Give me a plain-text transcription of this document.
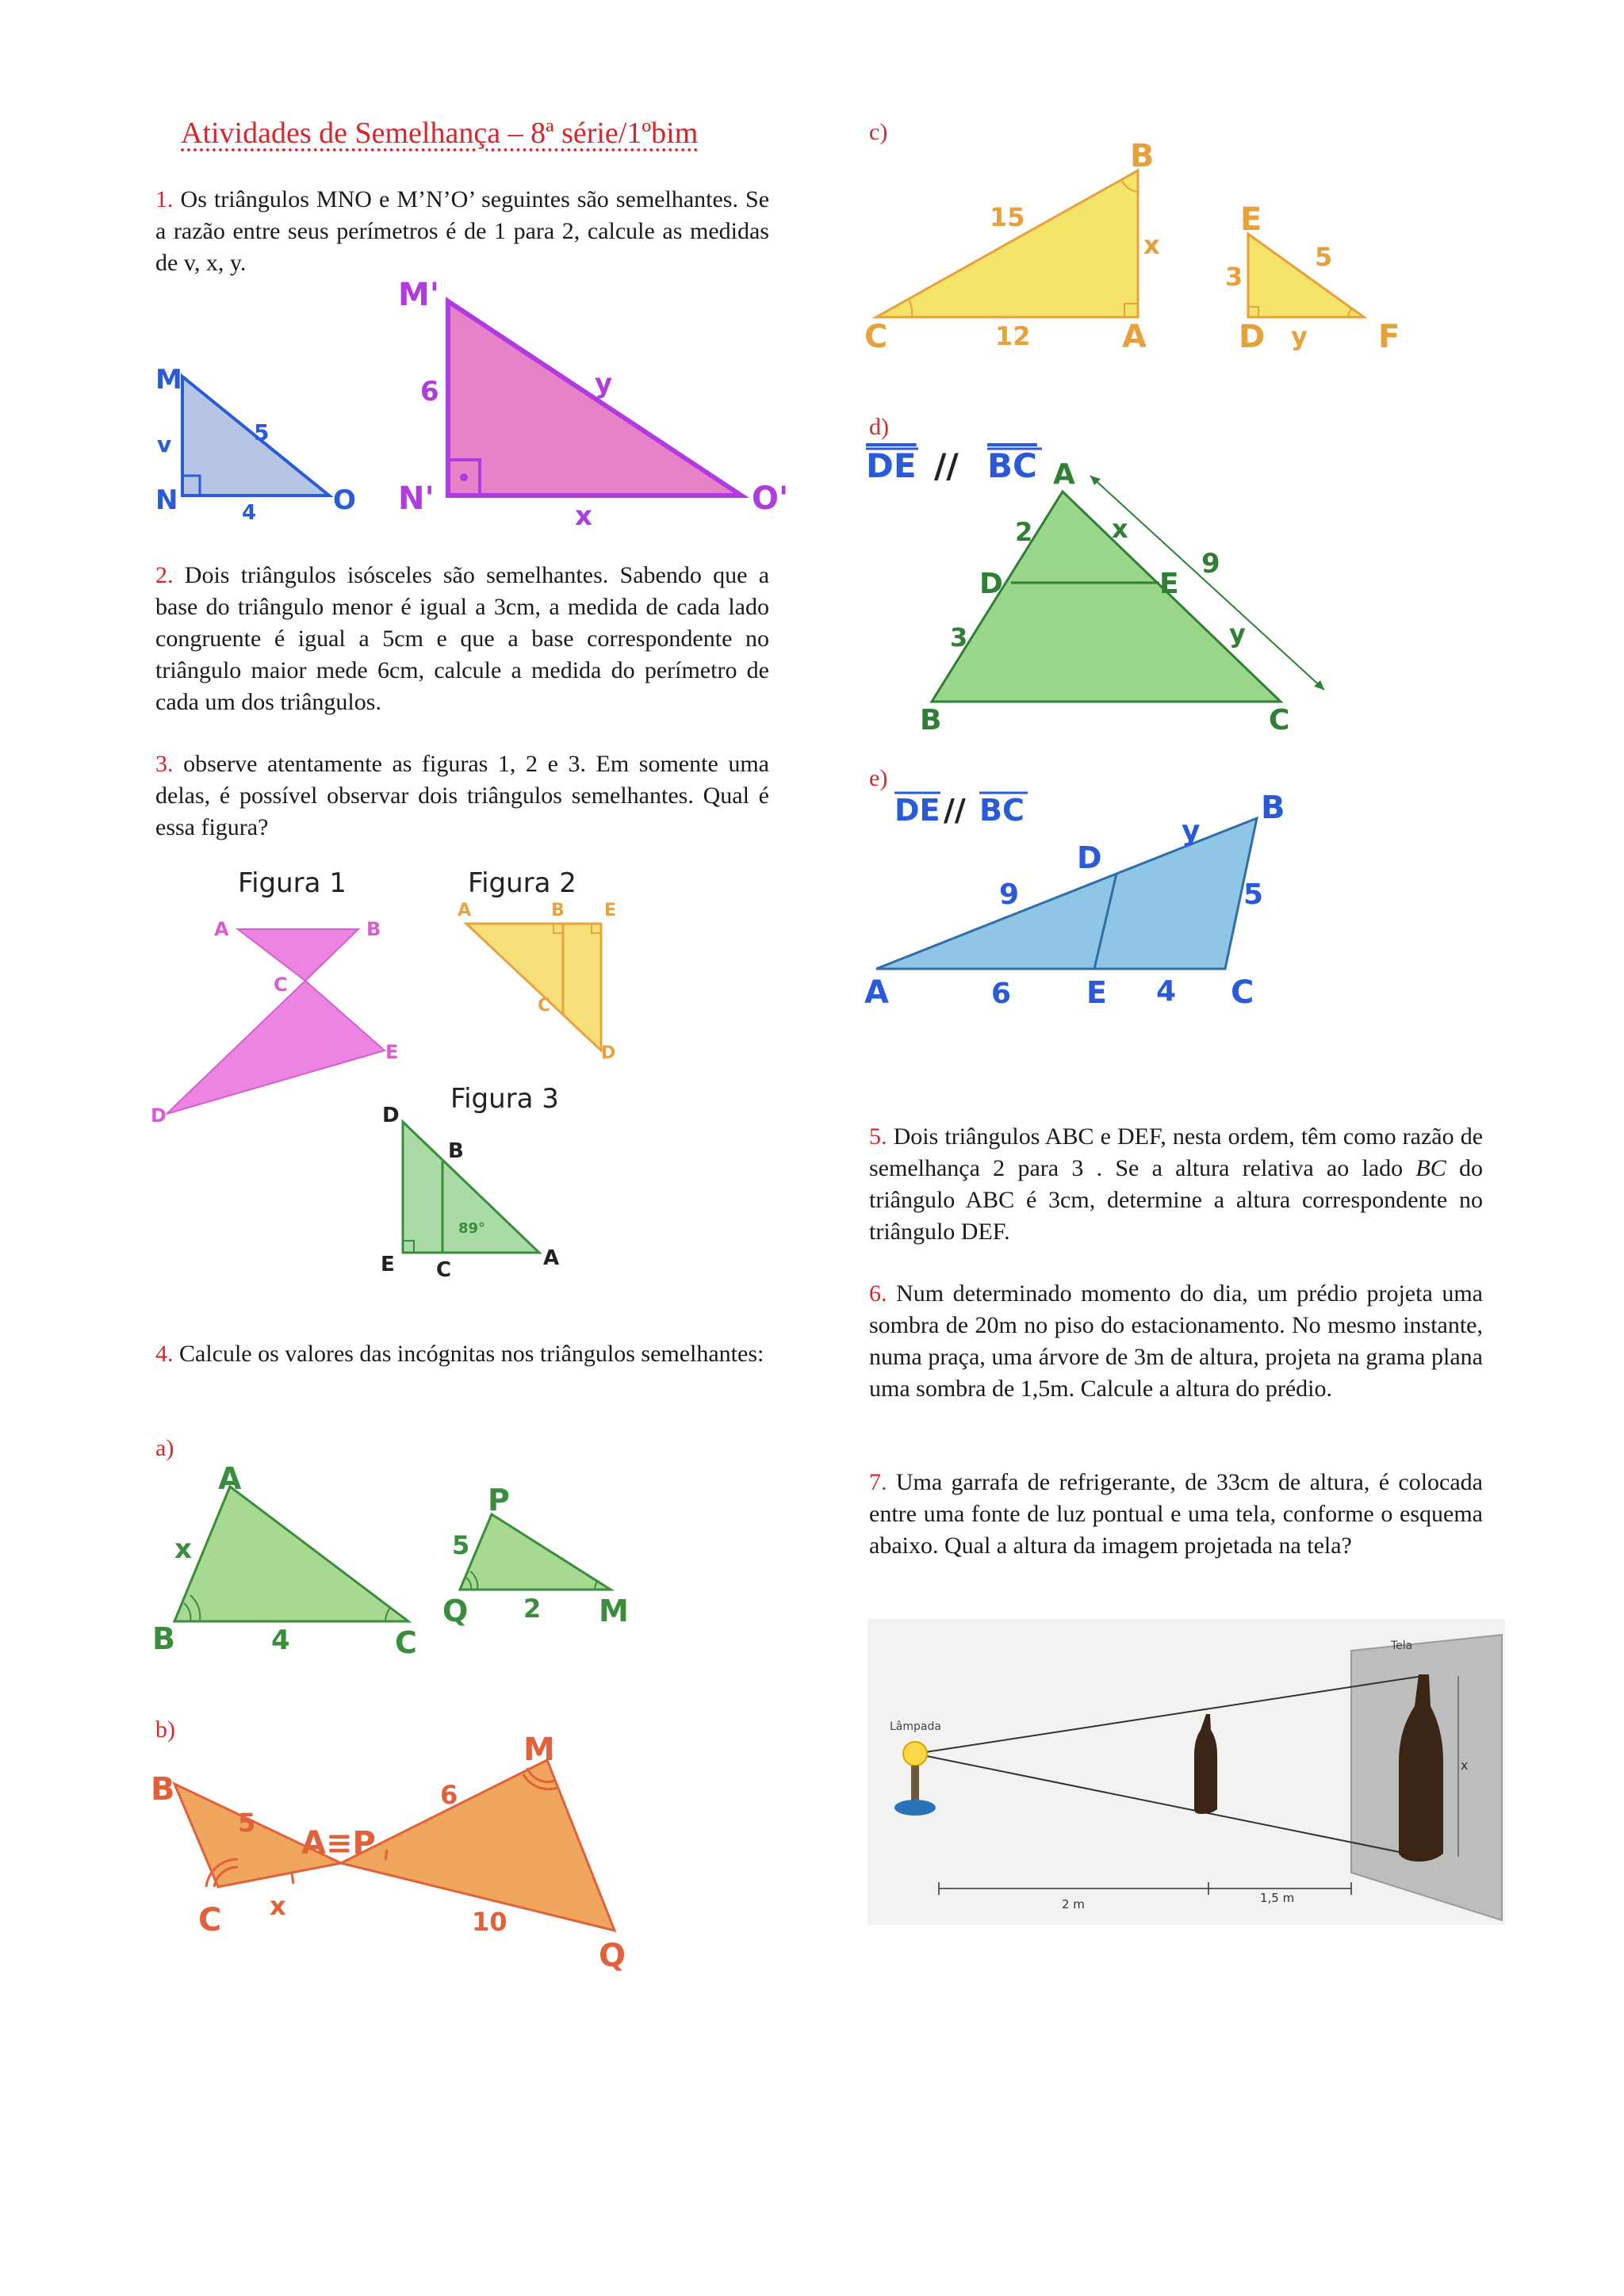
Atividades de Semelhança – 8ª série/1ºbim

1. Os triângulos MNO e M’N’O’ seguintes são semelhantes. Se a razão entre seus perímetros é de 1 para 2, calcule as medidas de v, x, y.

M
N	O
v	5
4
M'
N'	O'
6	y
x

2. Dois triângulos isósceles são semelhantes. Sabendo que a base do triângulo menor é igual a 3cm, a medida de cada lado congruente é igual a 5cm e que a base correspondente no triângulo maior mede 6cm, calcule a medida do perímetro de cada um dos triângulos.

3. observe atentamente as figuras 1, 2 e 3. Em somente uma delas, é possível observar dois triângulos semelhantes. Qual é essa figura?

Figura 1
A	B
C
D
E
Figura 2
A	B E
C
D
Figura 3
89°
D
B
E C	A

4. Calcule os valores das incógnitas nos triângulos semelhantes:

a)
A
B	C
x
4
P
Q	M
5
2
b)
B
C
A≡P
M
Q
5
x
6
10
c)
B
C	A
15
12
x
E
D	F
3
5
y
d)
DE // BC A
D	E
B	C
2	x
9
3	y
e)
DE // BC	B
C
A
D
E
9
y
5
6	4

5. Dois triângulos ABC e DEF, nesta ordem, têm como razão de semelhança 2 para 3 . Se a altura relativa ao lado BC do triângulo ABC é 3cm, determine a altura correspondente no triângulo DEF.

6. Num determinado momento do dia, um prédio projeta uma sombra de 20m no piso do estacionamento. No mesmo instante, numa praça, uma árvore de 3m de altura, projeta na grama plana uma sombra de 1,5m. Calcule a altura do prédio.

7. Uma garrafa de refrigerante, de 33cm de altura, é colocada entre uma fonte de luz pontual e uma tela, conforme o esquema abaixo. Qual a altura da imagem projetada na tela?

Tela
x
Lâmpada
2 m	1,5 m
